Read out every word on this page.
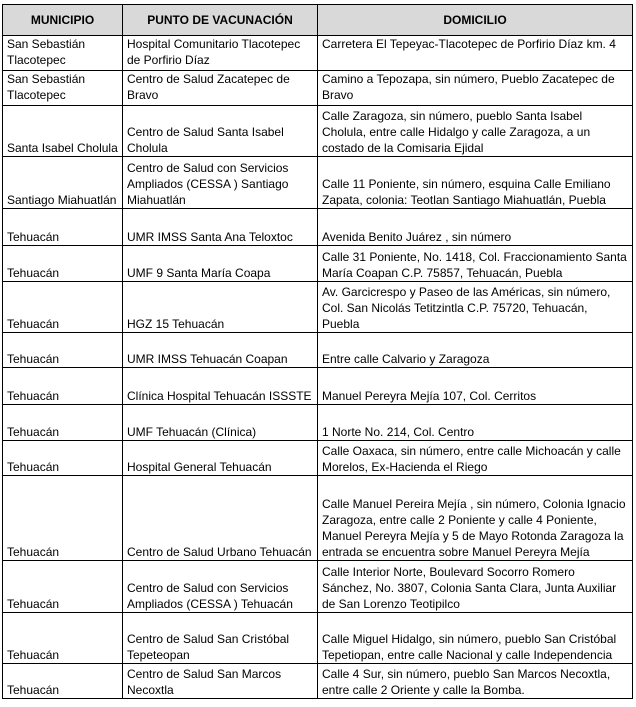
MUNICIPIO	PUNTO DE VACUNACIÓN	DOMICILIO
San Sebastián Tlacotepec	Hospital Comunitario Tlacotepec de Porfirio Díaz	Carretera El Tepeyac-Tlacotepec de Porfirio Díaz km. 4
San Sebastián Tlacotepec	Centro de Salud Zacatepec de Bravo	Camino a Tepozapa, sin número, Pueblo Zacatepec de Bravo
Santa Isabel Cholula	Centro de Salud Santa Isabel Cholula	Calle Zaragoza, sin número, pueblo Santa Isabel Cholula, entre calle Hidalgo y calle Zaragoza, a un costado de la Comisaria Ejidal
Santiago Miahuatlán	Centro de Salud con Servicios Ampliados (CESSA ) Santiago Miahuatlán	Calle 11 Poniente, sin número, esquina Calle Emiliano Zapata, colonia: Teotlan Santiago Miahuatlán, Puebla
Tehuacán	UMR IMSS Santa Ana Teloxtoc	Avenida Benito Juárez , sin número
Tehuacán	UMF 9 Santa María Coapa	Calle 31 Poniente, No. 1418, Col. Fraccionamiento Santa María Coapan C.P. 75857, Tehuacán, Puebla
Tehuacán	HGZ 15 Tehuacán	Av. Garcicrespo y Paseo de las Américas, sin número, Col. San Nicolás Tetitzintla C.P. 75720, Tehuacán, Puebla
Tehuacán	UMR IMSS Tehuacán Coapan	Entre calle Calvario y Zaragoza
Tehuacán	Clínica Hospital Tehuacán ISSSTE	Manuel Pereyra Mejía 107, Col. Cerritos
Tehuacán	UMF Tehuacán (Clínica)	1 Norte No. 214, Col. Centro
Tehuacán	Hospital General Tehuacán	Calle Oaxaca, sin número, entre calle Michoacán y calle Morelos, Ex-Hacienda el Riego
Tehuacán	Centro de Salud Urbano Tehuacán	Calle Manuel Pereira Mejía , sin número, Colonia Ignacio Zaragoza, entre calle 2 Poniente y calle 4 Poniente, Manuel Pereyra Mejía y 5 de Mayo Rotonda Zaragoza la entrada se encuentra sobre Manuel Pereyra Mejía
Tehuacán	Centro de Salud con Servicios Ampliados (CESSA ) Tehuacán	Calle Interior Norte, Boulevard Socorro Romero Sánchez, No. 3807, Colonia Santa Clara, Junta Auxiliar de San Lorenzo Teotipilco
Tehuacán	Centro de Salud San Cristóbal Tepeteopan	Calle Miguel Hidalgo, sin número, pueblo San Cristóbal Tepetiopan, entre calle Nacional y calle Independencia
Tehuacán	Centro de Salud San Marcos Necoxtla	Calle 4 Sur, sin número, pueblo San Marcos Necoxtla, entre calle 2 Oriente y calle la Bomba.
